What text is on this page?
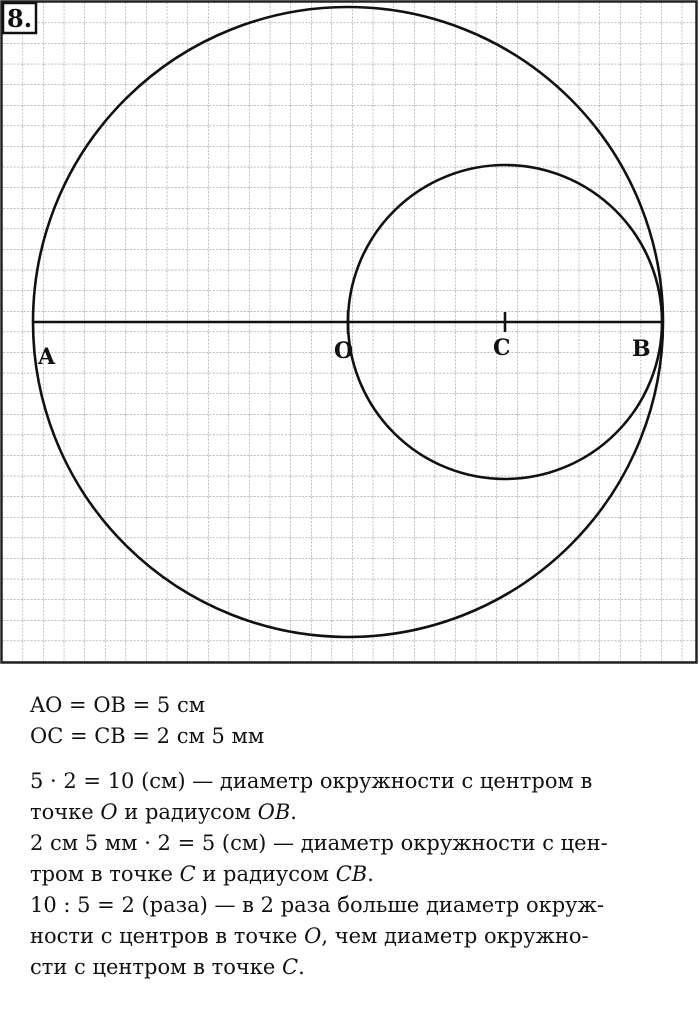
8.
A	O	C	B

AO = OB = 5 см

OC = CB = 2 см 5 мм

5 · 2 = 10 (см) — диаметр окружности с центром в

точке O и радиусом OB.

2 см 5 мм · 2 = 5 (см) — диаметр окружности с цен-

тром в точке C и радиусом CB.

10 : 5 = 2 (раза) — в 2 раза больше диаметр окруж-

ности с центров в точке O, чем диаметр окружно-

сти с центром в точке C.
